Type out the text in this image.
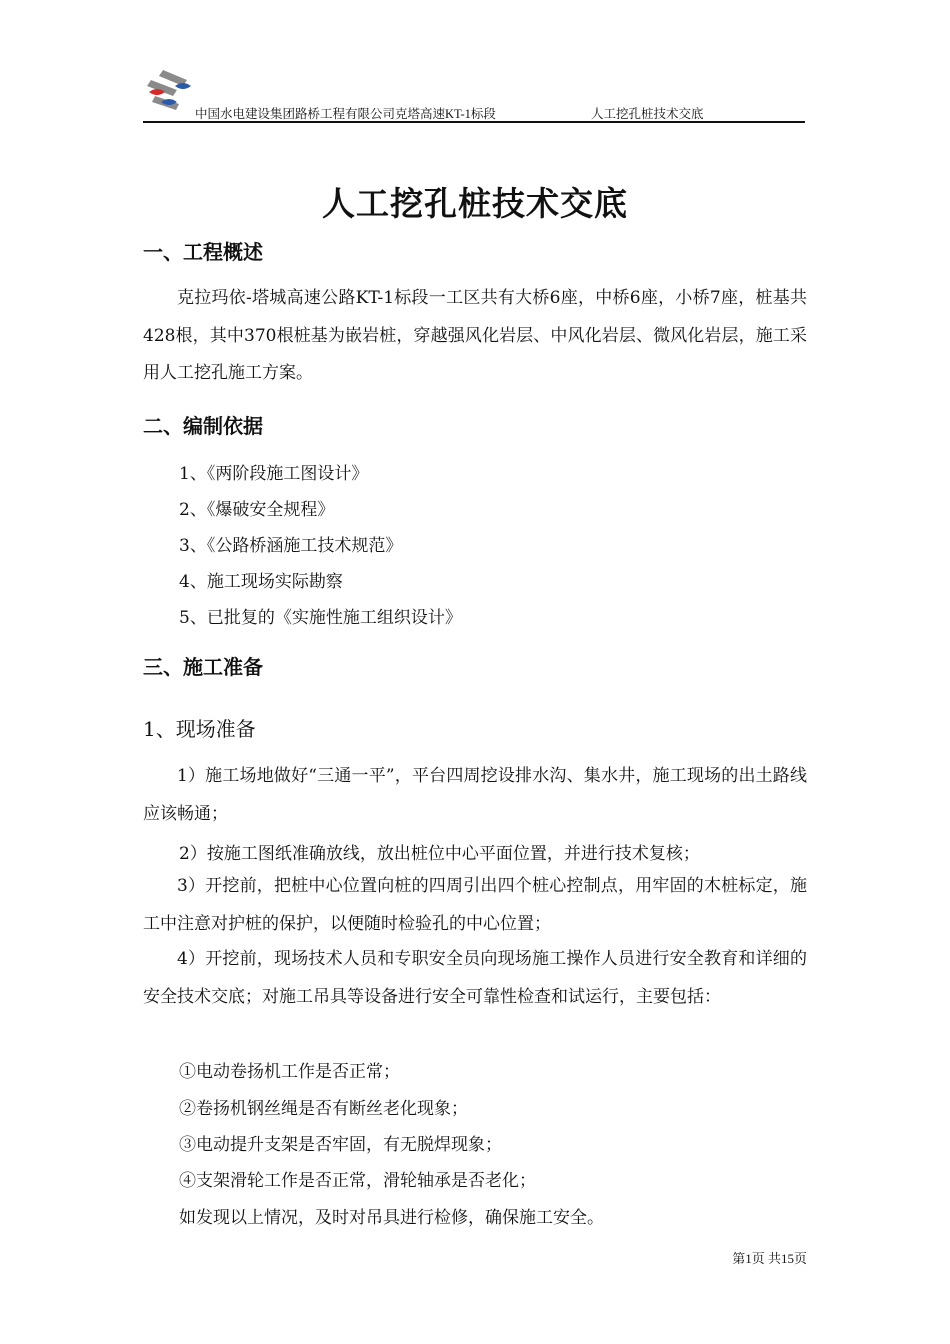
中国水电建设集团路桥工程有限公司克塔高速KT-1标段	人工挖孔桩技术交底
人工挖孔桩技术交底
一、工程概述

克拉玛依-塔城高速公路KT-1标段一工区共有大桥6座，中桥6座，小桥7座，桩基共428根，其中370根桩基为嵌岩桩，穿越强风化岩层、中风化岩层、微风化岩层，施工采用人工挖孔施工方案。

二、编制依据
1、《两阶段施工图设计》
2、《爆破安全规程》
3、《公路桥涵施工技术规范》
4、施工现场实际勘察
5、已批复的《实施性施工组织设计》
三、施工准备
1、现场准备

1）施工场地做好“三通一平”，平台四周挖设排水沟、集水井，施工现场的出土路线应该畅通；

2）按施工图纸准确放线，放出桩位中心平面位置，并进行技术复核；

3）开挖前，把桩中心位置向桩的四周引出四个桩心控制点，用牢固的木桩标定，施工中注意对护桩的保护，以便随时检验孔的中心位置；

4）开挖前，现场技术人员和专职安全员向现场施工操作人员进行安全教育和详细的安全技术交底；对施工吊具等设备进行安全可靠性检查和试运行，主要包括：

①电动卷扬机工作是否正常；
②卷扬机钢丝绳是否有断丝老化现象；
③电动提升支架是否牢固，有无脱焊现象；
④支架滑轮工作是否正常，滑轮轴承是否老化；
如发现以上情况，及时对吊具进行检修，确保施工安全。
第1页 共15页
